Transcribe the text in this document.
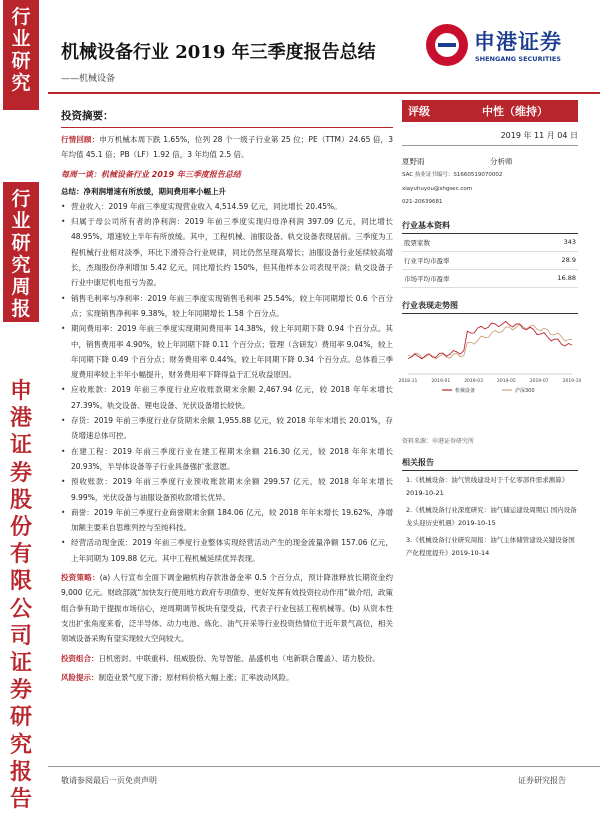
行业研究
行业研究周报
申港证券股份有限公司证券研究报告
机械设备行业 2019 年三季度报告总结
——机械设备
申港证券
SHENGANG SECURITIES
投资摘要：
行情回顾：申万机械本周下跌 1.65%，位列 28 个一级子行业第 25 位；PE（TTM）24.65 倍，3 年均值 45.1 倍；PB（LF）1.92 倍，3 年均值 2.5 倍。
每周一谈：机械设备行业 2019 年三季度报告总结
总结：净利润增速有所放缓，期间费用率小幅上升
• 营业收入：2019 年前三季度实现营业收入 4,514.59 亿元，同比增长 20.45%。
• 归属于母公司所有者的净利润：2019 年前三季度实现归母净利润 397.09 亿元，同比增长 48.95%。增速较上半年有所放缓。其中，工程机械、油服设备、轨交设备表现居前。三季度为工程机械行业相对淡季，环比下滑符合行业规律，同比仍然呈现高增长；油服设备行业延续较高增长，杰瑞股份净利增加 5.42 亿元，同比增长约 150%，但其他样本公司表现平淡；轨交设备子行业中康尼机电扭亏为盈。
• 销售毛利率与净利率：2019 年前三季度实现销售毛利率 25.54%，较上年同期增长 0.6 个百分点；实现销售净利率 9.38%，较上年同期增长 1.58 个百分点。
• 期间费用率：2019 年前三季度实现期间费用率 14.38%，较上年同期下降 0.94 个百分点。其中，销售费用率 4.90%，较上年同期下降 0.11 个百分点；管理（含研发）费用率 9.04%，较上年同期下降 0.49 个百分点；财务费用率 0.44%，较上年同期下降 0.34 个百分点。总体看三季度费用率较上半年小幅提升，财务费用率下降得益于汇兑收益原因。
• 应收账款：2019 年前三季度行业应收账款期末余额 2,467.94 亿元，较 2018 年年末增长 27.39%。轨交设备、锂电设备、光伏设备增长较快。
• 存货：2019 年前三季度行业存货期末余额 1,955.88 亿元，较 2018 年年末增长 20.01%，存货增速总体可控。
• 在建工程：2019 年前三季度行业在建工程期末余额 216.30 亿元，较 2018 年年末增长 20.93%，半导体设备等子行业具备强扩张意愿。
• 预收账款：2019 年前三季度行业预收账款期末余额 299.57 亿元，较 2018 年年末增长 9.99%，光伏设备与油服设备预收款增长优异。
• 商誉：2019 年前三季度行业商誉期末余额 184.06 亿元，较 2018 年年末增长 19.62%，净增加额主要来自思维列控与至纯科技。
• 经营活动现金流：2019 年前三季度行业整体实现经营活动产生的现金流量净额 157.06 亿元，上年同期为 109.88 亿元。其中工程机械延续优异表现。
投资策略：(a) 人行宣布全面下调金融机构存款准备金率 0.5 个百分点，预计降准释放长期资金约 9,000 亿元。财政部就“加快发行使用地方政府专项债券、更好发挥有效投资拉动作用”做介绍，政策组合拳有助于提振市场信心，逆周期调节板块有望受益，代表子行业包括工程机械等。(b) 从资本性支出扩张角度来看，泛半导体、动力电池、炼化、油气开采等行业投资热情位于近年景气高位，相关领域设备采购有望实现较大空间较大。
投资组合：日机密封、中联重科、纽威股份、先导智能、晶盛机电（电新联合覆盖）、诺力股份。
风险提示：制造业景气度下滑；原材料价格大幅上涨；汇率波动风险。
评级	中性（维持）
2019 年 11 月 04 日
夏野雨	分析师
SAC 执业证书编号：S1660519070002
xiayuhuyou@shgsec.com
021-20639681
行业基本资料
股票家数	343
行业平均市盈率	28.9
市场平均市盈率	16.88
行业表现走势图
2018-11	2019-01	2019-03	2019-05	2019-07	2019-10
机械设备	沪深300
资料来源：申港证券研究所
相关报告
1.《机械设备：油气管线建设对于千亿零部件需求测算》2019-10-21
2.《机械设备行业深度研究：油气储运建设周期启 国内设备龙头迎历史机遇》2019-10-15
3.《机械设备行业研究周报：油气主体储管建设关键设备国产化程度提升》2019-10-14
敬请参阅最后一页免责声明	证券研究报告
